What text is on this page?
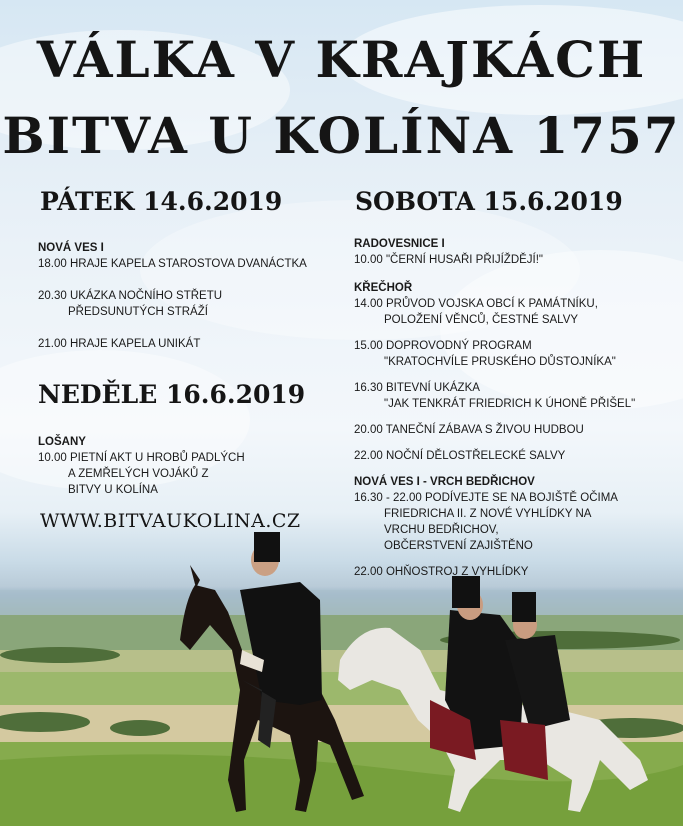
VÁLKA V KRAJKÁCH
BITVA U KOLÍNA 1757
PÁTEK 14.6.2019
NOVÁ VES I
18.00 HRAJE KAPELA STAROSTOVA DVANÁCTKA
20.30 UKÁZKA NOČNÍHO STŘETU
PŘEDSUNUTÝCH STRÁŽÍ
21.00 HRAJE KAPELA UNIKÁT
NEDĚLE 16.6.2019
LOŠANY
10.00 PIETNÍ AKT U HROBŮ PADLÝCH
A ZEMŘELÝCH VOJÁKŮ Z
BITVY U KOLÍNA
WWW.BITVAUKOLINA.CZ
SOBOTA 15.6.2019
RADOVESNICE I
10.00 "ČERNÍ HUSAŘI PŘIJÍŽDĚJÍ!"
KŘEČHOŘ
14.00 PRŮVOD VOJSKA OBCÍ K PAMÁTNÍKU,
POLOŽENÍ VĚNCŮ, ČESTNÉ SALVY
15.00 DOPROVODNÝ PROGRAM
"KRATOCHVÍLE PRUSKÉHO DŮSTOJNÍKA"
16.30 BITEVNÍ UKÁZKA
"JAK TENKRÁT FRIEDRICH K ÚHONĚ PŘIŠEL"
20.00 TANEČNÍ ZÁBAVA S ŽIVOU HUDBOU
22.00 NOČNÍ DĚLOSTŘELECKÉ SALVY
NOVÁ VES I - VRCH BEDŘICHOV
16.30 - 22.00 PODÍVEJTE SE NA BOJIŠTĚ OČIMA
FRIEDRICHA II. Z NOVÉ VYHLÍDKY NA
VRCHU BEDŘICHOV,
OBČERSTVENÍ ZAJIŠTĚNO
22.00 OHŇOSTROJ Z VYHLÍDKY
